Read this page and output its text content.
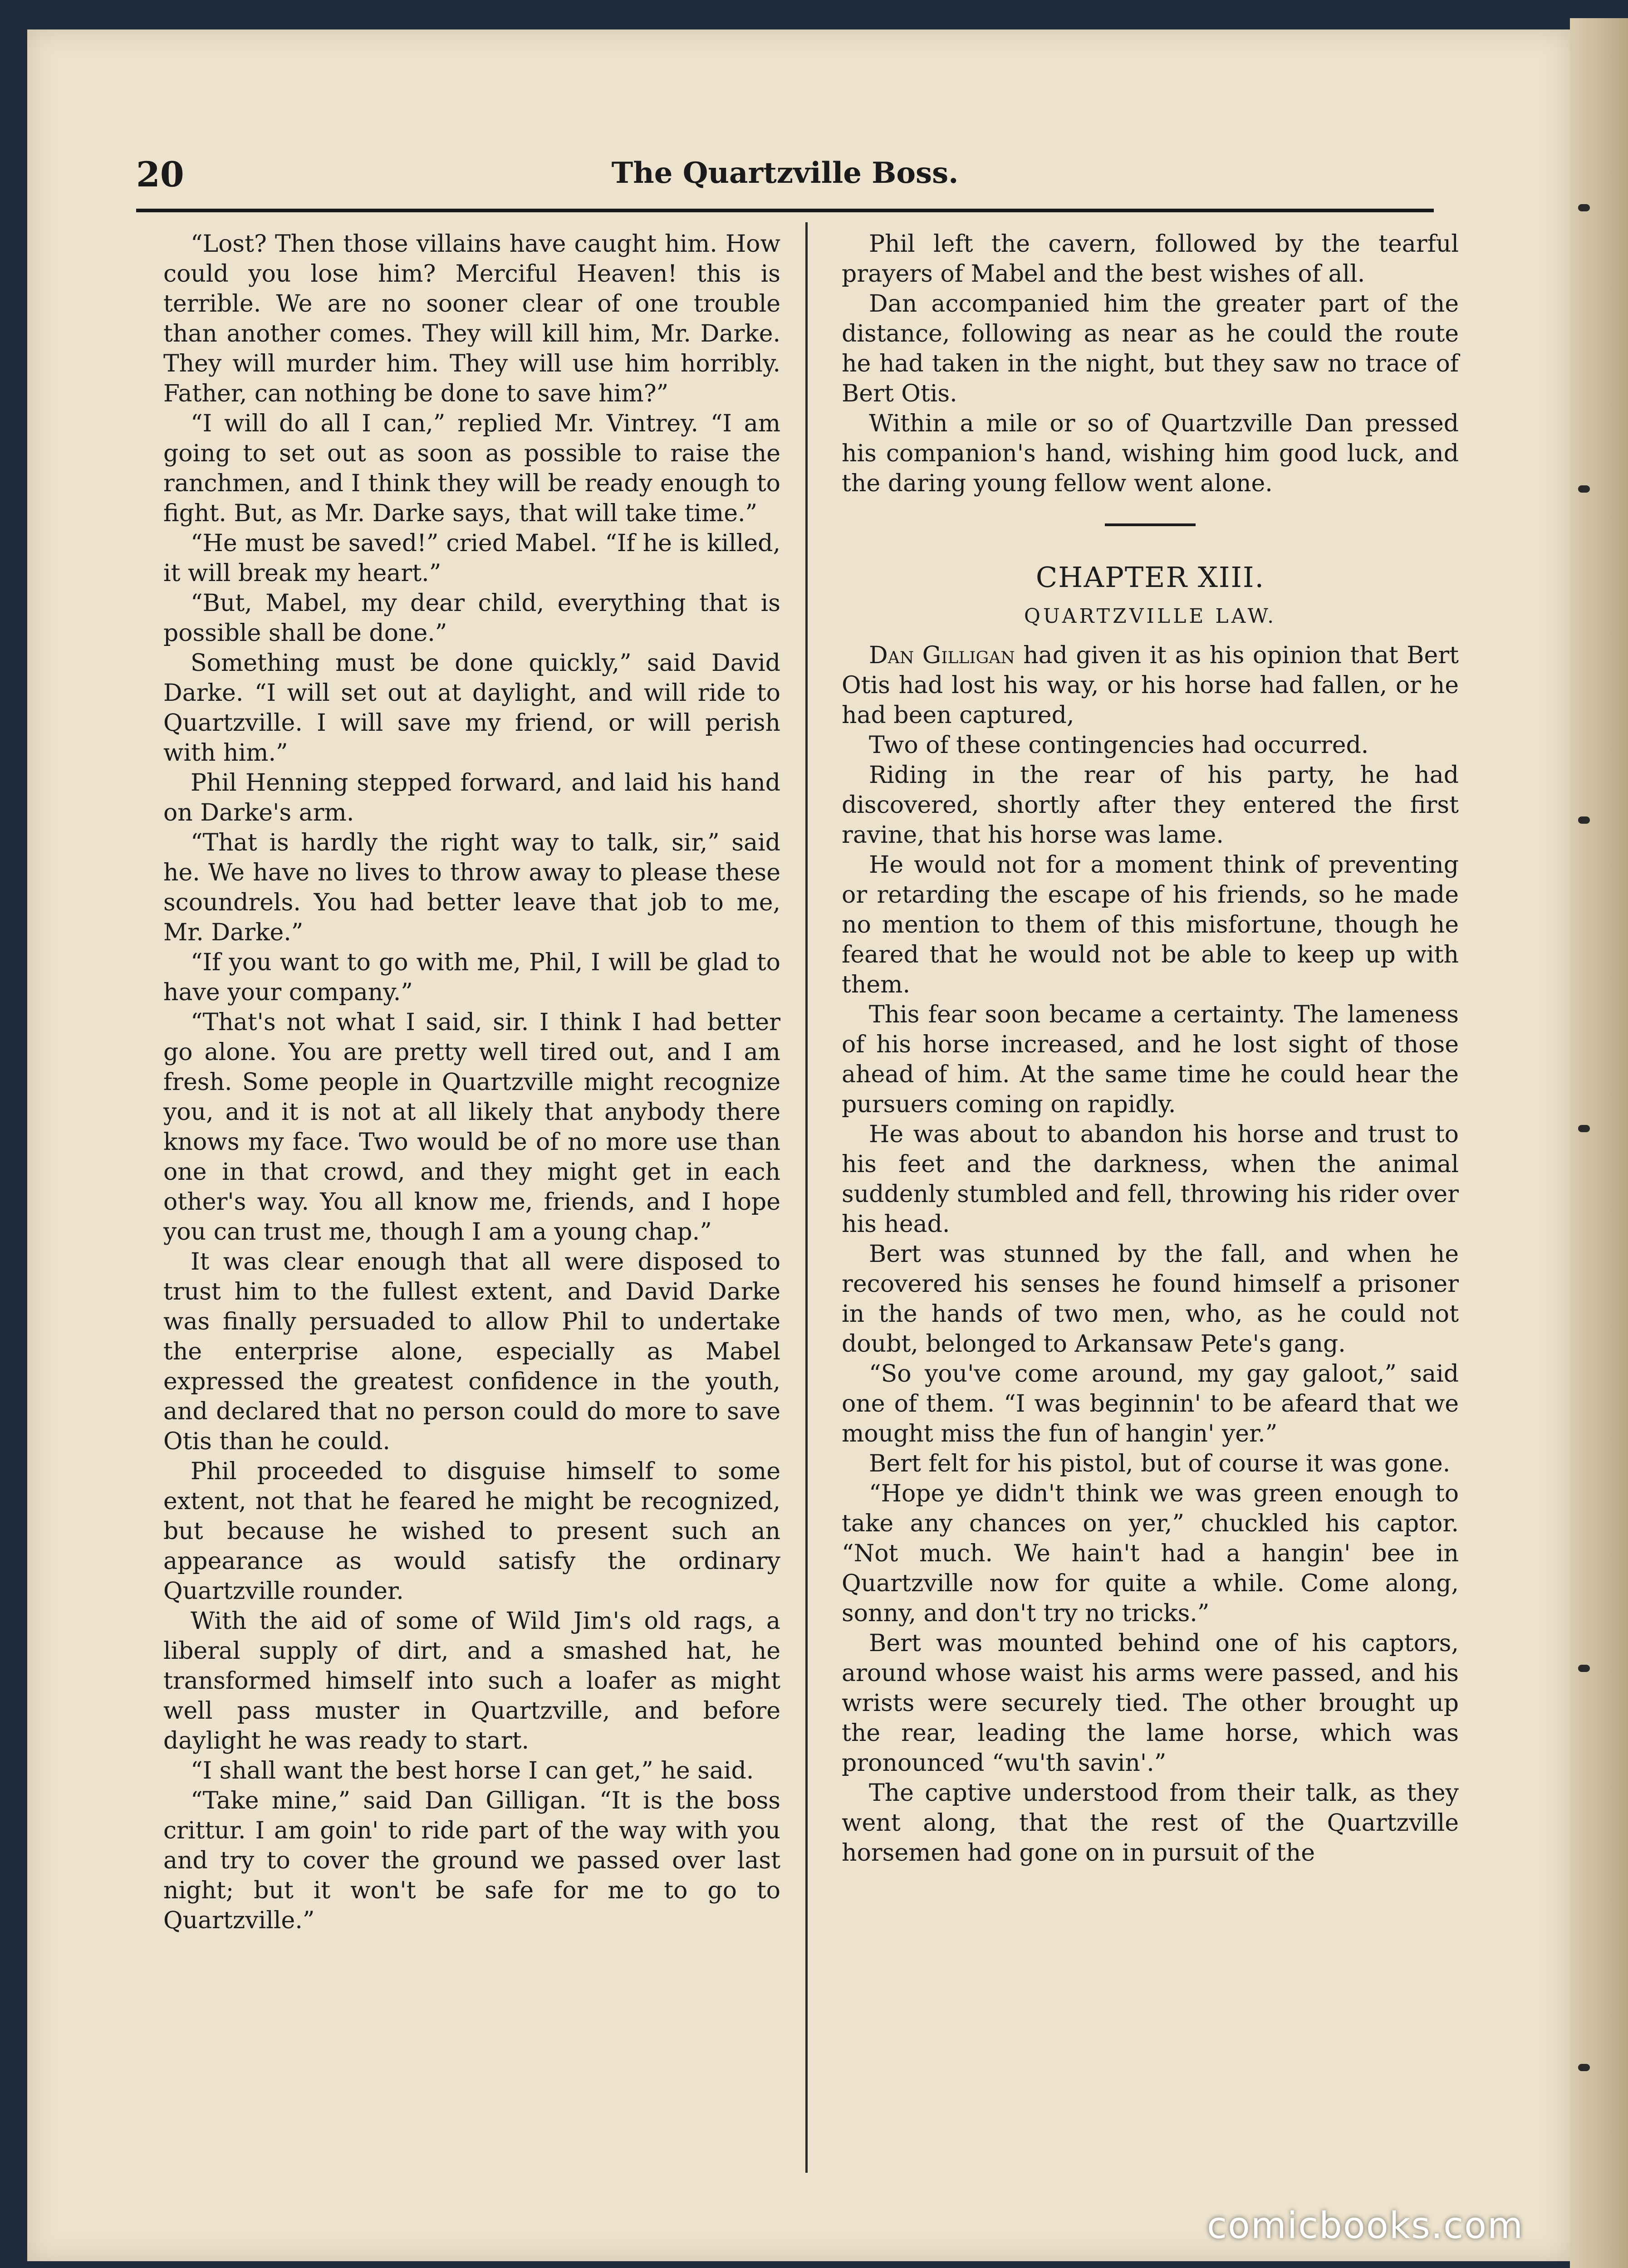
20	The Quartzville Boss.

“Lost? Then those villains have caught him. How could you lose him? Merciful Heaven! this is terrible. We are no sooner clear of one trouble than another comes. They will kill him, Mr. Darke. They will murder him. They will use him horribly. Father, can nothing be done to save him?”

“I will do all I can,” replied Mr. Vintrey. “I am going to set out as soon as possible to raise the ranchmen, and I think they will be ready enough to fight. But, as Mr. Darke says, that will take time.”

“He must be saved!” cried Mabel. “If he is killed, it will break my heart.”

“But, Mabel, my dear child, everything that is possible shall be done.”

Something must be done quickly,” said David Darke. “I will set out at daylight, and will ride to Quartzville. I will save my friend, or will perish with him.”

Phil Henning stepped forward, and laid his hand on Darke's arm.

“That is hardly the right way to talk, sir,” said he. We have no lives to throw away to please these scoundrels. You had better leave that job to me, Mr. Darke.”

“If you want to go with me, Phil, I will be glad to have your company.”

“That's not what I said, sir. I think I had better go alone. You are pretty well tired out, and I am fresh. Some people in Quartzville might recognize you, and it is not at all likely that anybody there knows my face. Two would be of no more use than one in that crowd, and they might get in each other's way. You all know me, friends, and I hope you can trust me, though I am a young chap.”

It was clear enough that all were disposed to trust him to the fullest extent, and David Darke was finally persuaded to allow Phil to undertake the enterprise alone, especially as Mabel expressed the greatest confidence in the youth, and declared that no person could do more to save Otis than he could.

Phil proceeded to disguise himself to some extent, not that he feared he might be recognized, but because he wished to present such an appearance as would satisfy the ordinary Quartzville rounder.

With the aid of some of Wild Jim's old rags, a liberal supply of dirt, and a smashed hat, he transformed himself into such a loafer as might well pass muster in Quartzville, and before daylight he was ready to start.

“I shall want the best horse I can get,” he said.

“Take mine,” said Dan Gilligan. “It is the boss crittur. I am goin' to ride part of the way with you and try to cover the ground we passed over last night; but it won't be safe for me to go to Quartzville.”

Phil left the cavern, followed by the tearful prayers of Mabel and the best wishes of all.

Dan accompanied him the greater part of the distance, following as near as he could the route he had taken in the night, but they saw no trace of Bert Otis.

Within a mile or so of Quartzville Dan pressed his companion's hand, wishing him good luck, and the daring young fellow went alone.

CHAPTER XIII.
QUARTZVILLE LAW.

Dan Gilligan had given it as his opinion that Bert Otis had lost his way, or his horse had fallen, or he had been captured,

Two of these contingencies had occurred.

Riding in the rear of his party, he had discovered, shortly after they entered the first ravine, that his horse was lame.

He would not for a moment think of preventing or retarding the escape of his friends, so he made no mention to them of this misfortune, though he feared that he would not be able to keep up with them.

This fear soon became a certainty. The lameness of his horse increased, and he lost sight of those ahead of him. At the same time he could hear the pursuers coming on rapidly.

He was about to abandon his horse and trust to his feet and the darkness, when the animal suddenly stumbled and fell, throwing his rider over his head.

Bert was stunned by the fall, and when he recovered his senses he found himself a prisoner in the hands of two men, who, as he could not doubt, belonged to Arkansaw Pete's gang.

“So you've come around, my gay galoot,” said one of them. “I was beginnin' to be afeard that we mought miss the fun of hangin' yer.”

Bert felt for his pistol, but of course it was gone.

“Hope ye didn't think we was green enough to take any chances on yer,” chuckled his captor. “Not much. We hain't had a hangin' bee in Quartzville now for quite a while. Come along, sonny, and don't try no tricks.”

Bert was mounted behind one of his captors, around whose waist his arms were passed, and his wrists were securely tied. The other brought up the rear, leading the lame horse, which was pronounced “wu'th savin'.”

The captive understood from their talk, as they went along, that the rest of the Quartzville horsemen had gone on in pursuit of the

comicbooks.com
